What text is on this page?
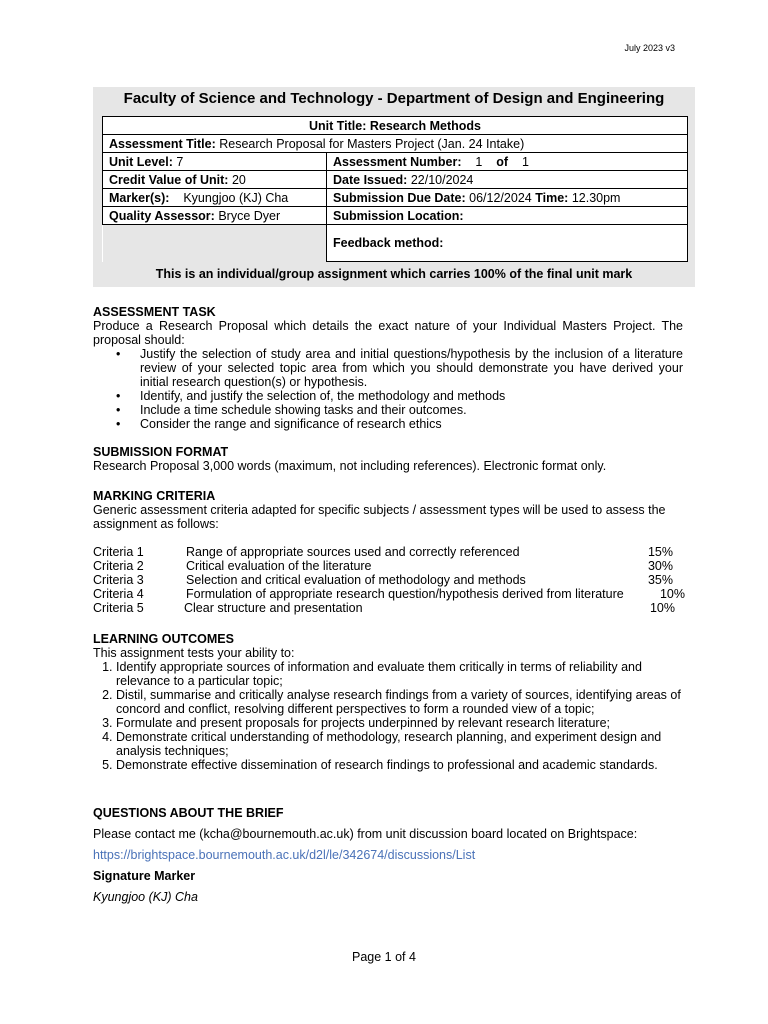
July 2023 v3
Faculty of Science and Technology - Department of Design and Engineering
Unit Title: Research Methods	
Assessment Title: Research Proposal for Masters Project (Jan. 24 Intake)	
Unit Level: 7	Assessment Number: 1 of 1
Credit Value of Unit: 20	Date Issued: 22/10/2024
Marker(s): Kyungjoo (KJ) Cha	Submission Due Date: 06/12/2024 Time: 12.30pm
Quality Assessor: Bryce Dyer	Submission Location:
	Feedback method:
This is an individual/group assignment which carries 100% of the final unit mark
ASSESSMENT TASK
Produce a Research Proposal which details the exact nature of your Individual Masters Project. The proposal should:
• Justify the selection of study area and initial questions/hypothesis by the inclusion of a literature review of your selected topic area from which you should demonstrate you have derived your initial research question(s) or hypothesis.
• Identify, and justify the selection of, the methodology and methods
• Include a time schedule showing tasks and their outcomes.
• Consider the range and significance of research ethics
SUBMISSION FORMAT
Research Proposal 3,000 words (maximum, not including references). Electronic format only.
MARKING CRITERIA
Generic assessment criteria adapted for specific subjects / assessment types will be used to assess the assignment as follows:
Criteria 1	Range of appropriate sources used and correctly referenced	15%
Criteria 2	Critical evaluation of the literature	30%
Criteria 3	Selection and critical evaluation of methodology and methods	35%
Criteria 4	Formulation of appropriate research question/hypothesis derived from literature	10%
Criteria 5	Clear structure and presentation	10%
LEARNING OUTCOMES
This assignment tests your ability to:
1. Identify appropriate sources of information and evaluate them critically in terms of reliability and relevance to a particular topic;
2. Distil, summarise and critically analyse research findings from a variety of sources, identifying areas of concord and conflict, resolving different perspectives to form a rounded view of a topic;
3. Formulate and present proposals for projects underpinned by relevant research literature;
4. Demonstrate critical understanding of methodology, research planning, and experiment design and analysis techniques;
5. Demonstrate effective dissemination of research findings to professional and academic standards.
QUESTIONS ABOUT THE BRIEF
Please contact me (kcha@bournemouth.ac.uk) from unit discussion board located on Brightspace:
https://brightspace.bournemouth.ac.uk/d2l/le/342674/discussions/List
Signature Marker
Kyungjoo (KJ) Cha
Page 1 of 4
